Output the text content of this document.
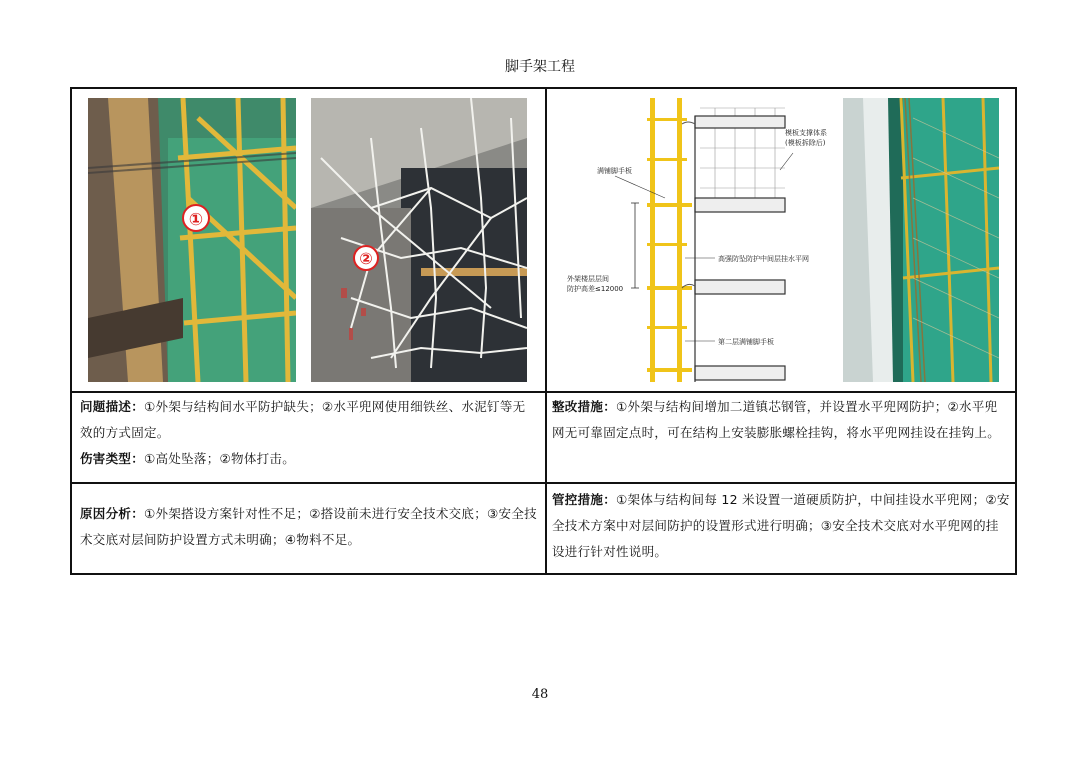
脚手架工程
①
②
模板支撑体系
(模板拆除后)
满铺脚手板
外架楼层层间
防护高差≤12000
高强防坠防护中间层挂水平网
第二层满铺脚手板
问题描述：①外架与结构间水平防护缺失；②水平兜网使用细铁丝、水泥钉等无效的方式固定。
伤害类型：①高处坠落；②物体打击。
整改措施：①外架与结构间增加二道镇芯钢管，并设置水平兜网防护；②水平兜网无可靠固定点时，可在结构上安装膨胀螺栓挂钩，将水平兜网挂设在挂钩上。
原因分析：①外架搭设方案针对性不足；②搭设前未进行安全技术交底；③安全技术交底对层间防护设置方式未明确；④物料不足。
管控措施：①架体与结构间每 12 米设置一道硬质防护，中间挂设水平兜网；②安全技术方案中对层间防护的设置形式进行明确；③安全技术交底对水平兜网的挂设进行针对性说明。
48
